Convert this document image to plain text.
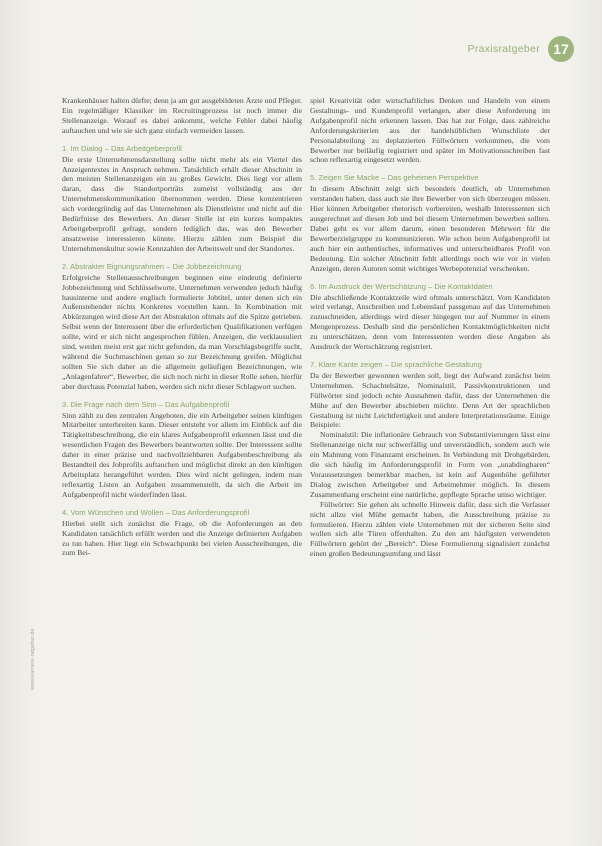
Praxisratgeber 17
www.karriere-ratgeber.de

Krankenhäuser halten dürfte; denn ja am gut ausgebildeten Ärzte und Pfleger. Ein regelmäßiger Klassiker im Recruitingprozess ist noch immer die Stellenanzeige. Worauf es dabei ankommt, welche Fehler dabei häufig auftauchen und wie sie sich ganz einfach vermeiden lassen.

1. Im Dialog – Das Arbeitgeberprofil

Die erste Unternehmensdarstellung sollte nicht mehr als ein Viertel des Anzeigentextes in Anspruch nehmen. Tatsächlich erhält dieser Abschnitt in den meisten Stellenanzeigen ein zu großes Gewicht. Dies liegt vor allem daran, dass die Standortporträts zumeist vollständig aus der Unternehmenskommunikation übernommen werden. Diese konzentrieren sich vordergründig auf das Unternehmen als Dienstleister und nicht auf die Bedürfnisse des Bewerbers. An dieser Stelle ist ein kurzes kompaktes Arbeitgeberprofil gefragt, sondern lediglich das, was den Bewerber ansatzweise interessieren könnte. Hierzu zählen zum Beispiel die Unternehmenskultur sowie Kennzahlen der Arbeitswelt und der Standortes.

2. Abstrakter Eignungsrahmen – Die Jobbezeichnung

Erfolgreiche Stellenausschreibungen beginnen eine eindeutig definierte Jobbezeichnung und Schlüsselworte. Unternehmen verwenden jedoch häufig hausinterne und andere englisch formulierte Jobtitel, unter denen sich ein Außenstehender nichts Konkretes vorstellen kann. In Kombination mit Abkürzungen wird diese Art der Abstraktion oftmals auf die Spitze getrieben. Selbst wenn der Interessent über die erforderlichen Qualifikationen verfügen sollte, wird er sich nicht angesprochen fühlen. Anzeigen, die verklausuliert sind, werden meist erst gar nicht gefunden, da man Vorschlagsbegriffe sucht, während die Suchmaschinen genau so zur Bezeichnung greifen. Möglichst sollten Sie sich daher an die allgemein geläufigen Bezeichnungen, wie „Anlagenfahrer“, Bewerber, die sich noch nicht in dieser Rolle sehen, hierfür aber durchaus Potenzial haben, werden sich nicht dieser Schlagwort suchen.

3. Die Frage nach dem Sinn – Das Aufgabenprofil

Sinn zählt zu den zentralen Angeboten, die ein Arbeitgeber seinen künftigen Mitarbeiter unterbreiten kann. Dieser entsteht vor allem im Einblick auf die Tätigkeitsbeschreibung, die ein klares Aufgabenprofil erkennen lässt und die wesentlichen Fragen des Bewerbers beantworten sollte. Der Interessent sollte daher in einer präzise und nachvollziehbaren Aufgabenbeschreibung als Bestandteil des Jobprofils auftauchen und möglichst direkt an den künftigen Arbeitsplatz herangeführt werden. Dies wird nicht gelingen, indem man reflexartig Listen an Aufgaben zusammenstellt, da sich die Arbeit im Aufgabenprofil nicht wiederfinden lässt.

4. Vom Wünschen und Wollen – Das Anforderungsprofil

Hierbei stellt sich zunächst die Frage, ob die Anforderungen an den Kandidaten tatsächlich erfüllt werden und die Anzeige definierten Aufgaben zu tun haben. Hier liegt ein Schwachpunkt bei vielen Ausschreibungen, die zum Bei-

spiel Kreativität oder wirtschaftliches Denken und Handeln von einem Gestaltungs- und Kundenprofil verlangen, aber diese Anforderung im Aufgabenprofil nicht erkennen lassen. Das hat zur Folge, dass zahlreiche Anforderungskriterien aus der handelsüblichen Wunschliste der Personalabteilung zu deplatzierten Füllwörtern verkommen, die vom Bewerber nur beiläufig registriert und später im Motivationsschreiben fast schon reflexartig eingesetzt werden.

5. Zeigen Sie Macke – Das geheimen Perspektive

In diesem Abschnitt zeigt sich besonders deutlich, ob Unternehmen verstanden haben, dass auch sie ihre Bewerber von sich überzeugen müssen. Hier können Arbeitgeber rhetorisch vorbereiten, weshalb Interessenten sich ausgerechnet auf diesen Job und bei diesem Unternehmen bewerben sollten. Dabei geht es vor allem darum, einen besonderen Mehrwert für die Bewerberzielgruppe zu kommunizieren. Wie schon beim Aufgabenprofil ist auch hier ein authentisches, informatives und unterscheidbares Profil von Bedeutung. Ein solcher Abschnitt fehlt allerdings noch wie vor in vielen Anzeigen, deren Autoren somit wichtiges Werbepotenzial verschenken.

6. Im Ausdruck der Wertschätzung – Die Kontaktdaten

Die abschließende Kontaktzeile wird oftmals unterschätzt. Vom Kandidaten wird verlangt, Anschreiben und Lebenslauf passgenau auf das Unternehmen zuzuschneiden, allerdings wird dieser hingegen nur auf Nummer in einem Mengenprozess. Deshalb sind die persönlichen Kontaktmöglichkeiten nicht zu unterschätzen, denn vom Interessenten werden diese Angaben als Ausdruck der Wertschätzung registriert.

7. Klare Kante zeigen – Die sprachliche Gestaltung

Da der Bewerber gewonnen werden soll, liegt der Aufwand zunächst beim Unternehmen. Schachtelsätze, Nominalstil, Passivkonstruktionen und Füllwörter sind jedoch echte Ausnahmen dafür, dass der Unternehmen die Mühe auf den Bewerber abschieben möchte. Denn Art der sprachlichen Gestaltung ist nicht Leichtfertigkeit und andere Interpretationsräume. Einige Beispiele:

Nominalstil: Die inflationäre Gebrauch von Substantivierungen lässt eine Stellenanzeige nicht nur schwerfällig und unverständlich, sondern auch wie ein Mahnung vom Finanzamt erscheinen. In Verbindung mit Drohgebärden, die sich häufig im Anforderungsprofil in Form von „unabdingbaren“ Voraussetzungen bemerkbar machen, ist kein auf Augenhöhe geführter Dialog zwischen Arbeitgeber und Arbeitnehmer möglich. In diesem Zusammenhang erscheint eine natürliche, gepflegte Sprache umso wichtiger.

Füllwörter: Sie gehen als schnelle Hinweis dafür, dass sich die Verfasser nicht allzu viel Mühe gemacht haben, die Ausschreibung präzise zu formulieren. Hierzu zählen viele Unternehmen mit der sicheren Seite sind wollen sich alle Türen offenhalten. Zu den am häufigsten verwendeten Füllwörtern gehört der „Bereich“. Diese Formulierung signalisiert zunächst einen großen Bedeutungsumfang und lässt
